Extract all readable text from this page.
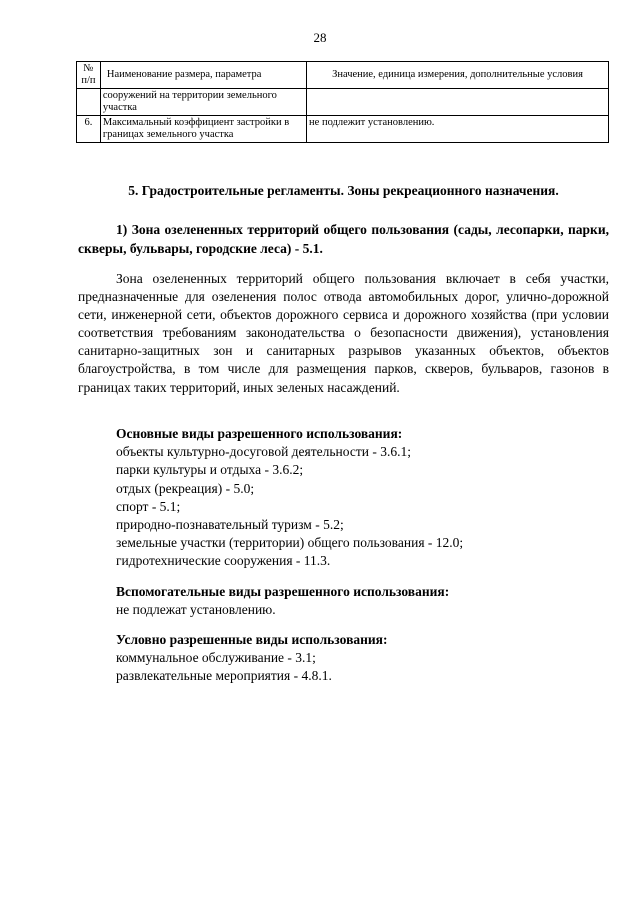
28
№ п/п	Наименование размера, параметра	Значение, единица измерения, дополнительные условия
	сооружений на территории земельного участка	
6.	Максимальный коэффициент застройки в границах земельного участка	не подлежит установлению.
5. Градостроительные регламенты. Зоны рекреационного назначения.
1) Зона озелененных территорий общего пользования (сады, лесопарки, парки, скверы, бульвары, городские леса) - 5.1.
Зона озелененных территорий общего пользования включает в себя участки, предназначенные для озеленения полос отвода автомобильных дорог, улично-дорожной сети, инженерной сети, объектов дорожного сервиса и дорожного хозяйства (при условии соответствия требованиям законодательства о безопасности движения), установления санитарно-защитных зон и санитарных разрывов указанных объектов, объектов благоустройства, в том числе для размещения парков, скверов, бульваров, газонов в границах таких территорий, иных зеленых насаждений.

Основные виды разрешенного использования:

объекты культурно-досуговой деятельности - 3.6.1;

парки культуры и отдыха - 3.6.2;

отдых (рекреация) - 5.0;

спорт - 5.1;

природно-познавательный туризм - 5.2;

земельные участки (территории) общего пользования - 12.0;

гидротехнические сооружения - 11.3.

Вспомогательные виды разрешенного использования:

не подлежат установлению.

Условно разрешенные виды использования:

коммунальное обслуживание - 3.1;

развлекательные мероприятия - 4.8.1.
